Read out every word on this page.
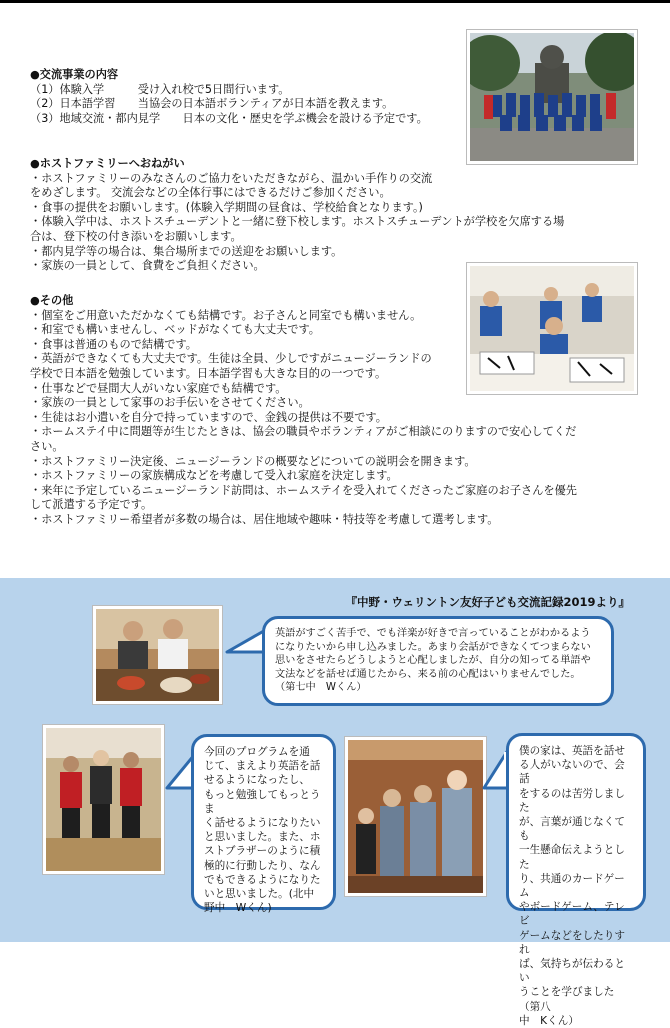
●交流事業の内容

（1）体験入学　　　受け入れ校で5日間行います。

（2）日本語学習　　当協会の日本語ボランティアが日本語を教えます。

（3）地域交流・都内見学　　日本の文化・歴史を学ぶ機会を設ける予定です。

●ホストファミリーへおねがい

・ホストファミリーのみなさんのご協力をいただきながら、温かい手作りの交流

をめざします。 交流会などの全体行事にはできるだけご参加ください。

・食事の提供をお願いします。(体験入学期間の昼食は、学校給食となります。)

・体験入学中は、ホストスチューデントと一緒に登下校します。ホストスチューデントが学校を欠席する場

合は、登下校の付き添いをお願いします。

・都内見学等の場合は、集合場所までの送迎をお願いします。

・家族の一員として、食費をご負担ください。

●その他

・個室をご用意いただかなくても結構です。お子さんと同室でも構いません。

・和室でも構いませんし、ベッドがなくても大丈夫です。

・食事は普通のもので結構です。

・英語ができなくても大丈夫です。生徒は全員、少しですがニュージーランドの

学校で日本語を勉強しています。日本語学習も大きな目的の一つです。

・仕事などで昼間大人がいない家庭でも結構です。

・家族の一員として家事のお手伝いをさせてください。

・生徒はお小遣いを自分で持っていますので、金銭の提供は不要です。

・ホームステイ中に問題等が生じたときは、協会の職員やボランティアがご相談にのりますので安心してくだ

さい。

・ホストファミリー決定後、ニュージーランドの概要などについての説明会を開きます。

・ホストファミリーの家族構成などを考慮して受入れ家庭を決定します。

・来年に予定しているニュージーランド訪問は、ホームステイを受入れてくださったご家庭のお子さんを優先

して派遣する予定です。

・ホストファミリー希望者が多数の場合は、居住地域や趣味・特技等を考慮して選考します。

『中野・ウェリントン友好子ども交流記録2019より』

英語がすごく苦手で、でも洋楽が好きで言っていることがわかるよう

になりたいから申し込みました。あまり会話ができなくてつまらない

思いをさせたらどうしようと心配しましたが、自分の知ってる単語や

文法などを話せば通じたから、来る前の心配はいりませんでした。

（第七中　Wくん）

今回のプログラムを通

じて、まえより英語を話

せるようになったし、

もっと勉強してもっとうま

く話せるようになりたい

と思いました。また、ホ

ストブラザーのように積

極的に行動したり、なん

でもできるようになりた

いと思いました。(北中

野中　Wくん)

僕の家は、英語を話せ

る人がいないので、会話

をするのは苦労しました

が、言葉が通じなくても

一生懸命伝えようとした

り、共通のカードゲーム

やボードゲーム、テレビ

ゲームなどをしたりすれ

ば、気持ちが伝わるとい

うことを学びました（第八

中　Kくん）
